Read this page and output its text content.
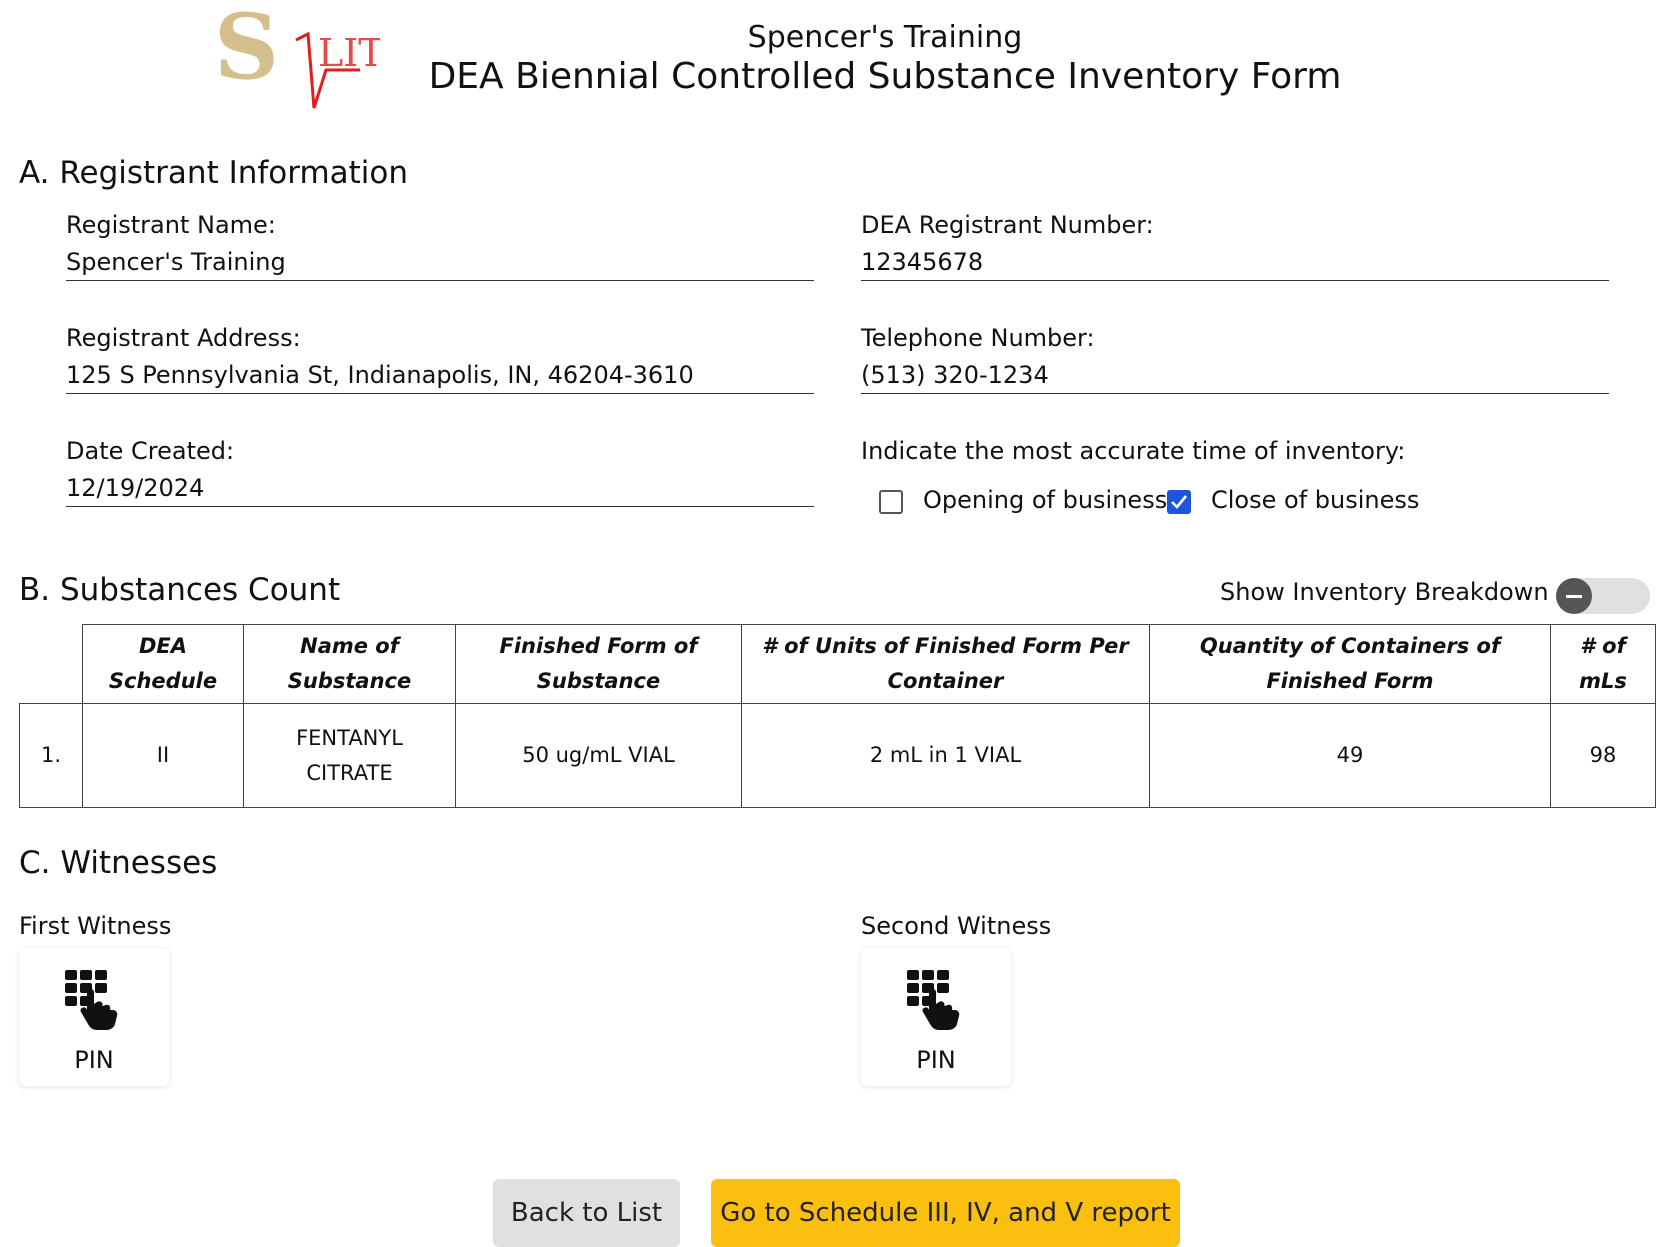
S LIT	Spencer's Training
DEA Biennial Controlled Substance Inventory Form
A. Registrant Information
Registrant Name:
Spencer's Training
DEA Registrant Number:
12345678
Registrant Address:
125 S Pennsylvania St, Indianapolis, IN, 46204-3610
Telephone Number:
(513) 320-1234
Date Created:
12/19/2024
Indicate the most accurate time of inventory:
Opening of business Close of business
B. Substances Count	Show Inventory Breakdown
	DEA Schedule	Name of Substance	Finished Form of Substance	# of Units of Finished Form Per Container	Quantity of Containers of Finished Form	# of mLs
1.	II	FENTANYL CITRATE	50 ug/mL VIAL	2 mL in 1 VIAL	49	98
C. Witnesses
First Witness
PIN
Second Witness
PIN
Back to List	Go to Schedule III, IV, and V report
